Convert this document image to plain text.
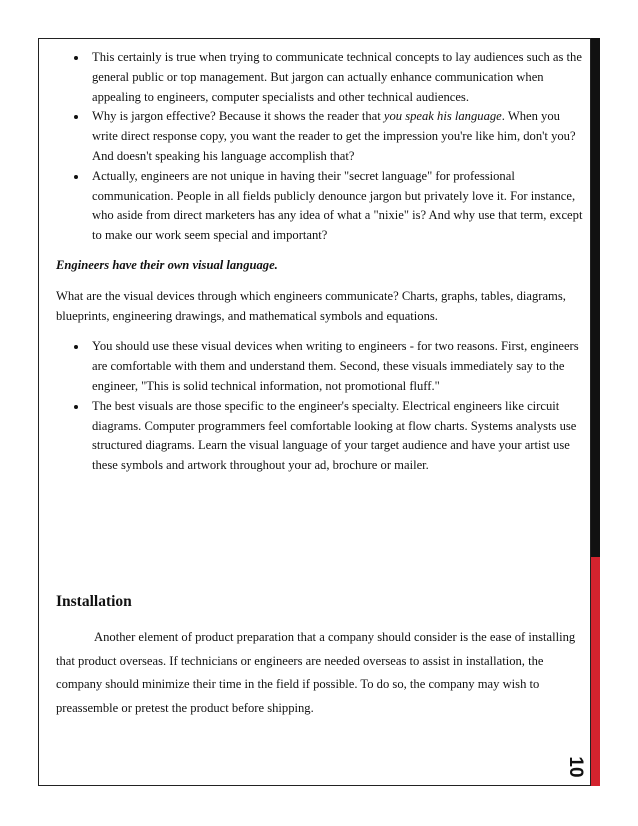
This certainly is true when trying to communicate technical concepts to lay audiences such as the general public or top management. But jargon can actually enhance communication when appealing to engineers, computer specialists and other technical audiences.
Why is jargon effective? Because it shows the reader that you speak his language. When you write direct response copy, you want the reader to get the impression you're like him, don't you? And doesn't speaking his language accomplish that?
Actually, engineers are not unique in having their "secret language" for professional communication. People in all fields publicly denounce jargon but privately love it. For instance, who aside from direct marketers has any idea of what a "nixie" is? And why use that term, except to make our work seem special and important?

Engineers have their own visual language.

What are the visual devices through which engineers communicate? Charts, graphs, tables, diagrams, blueprints, engineering drawings, and mathematical symbols and equations.

You should use these visual devices when writing to engineers - for two reasons. First, engineers are comfortable with them and understand them. Second, these visuals immediately say to the engineer, "This is solid technical information, not promotional fluff."
The best visuals are those specific to the engineer's specialty. Electrical engineers like circuit diagrams. Computer programmers feel comfortable looking at flow charts. Systems analysts use structured diagrams. Learn the visual language of your target audience and have your artist use these symbols and artwork throughout your ad, brochure or mailer.
Installation

Another element of product preparation that a company should consider is the ease of installing that product overseas. If technicians or engineers are needed overseas to assist in installation, the company should minimize their time in the field if possible. To do so, the company may wish to preassemble or pretest the product before shipping.

10
